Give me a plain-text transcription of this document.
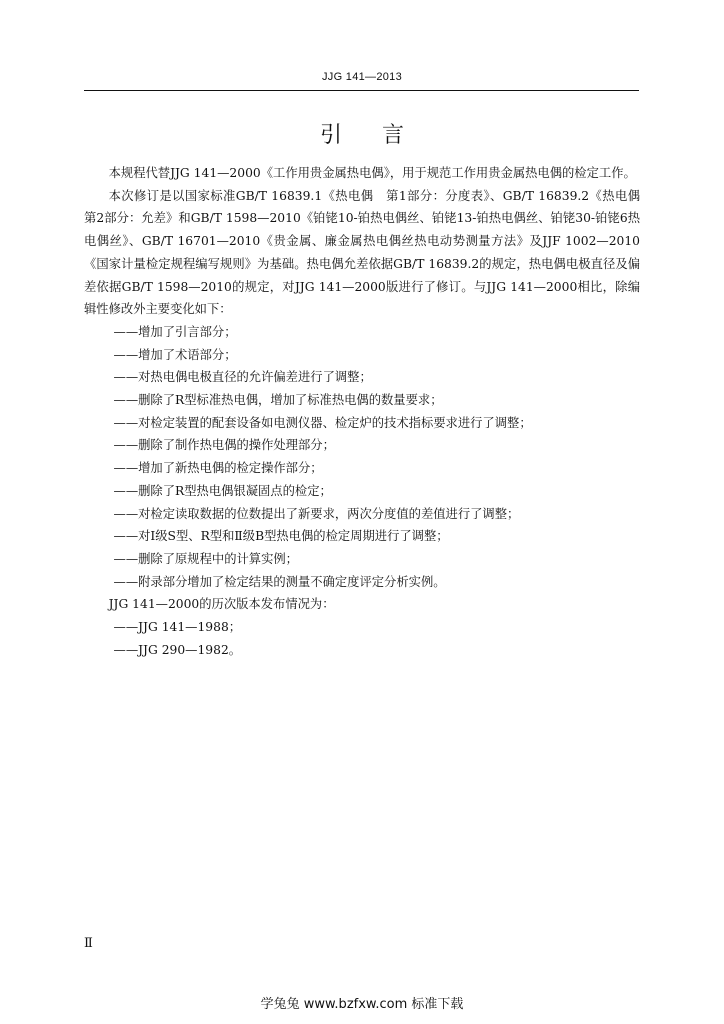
JJG 141—2013
引言

本规程代替JJG 141—2000《工作用贵金属热电偶》，用于规范工作用贵金属热电偶的检定工作。

本次修订是以国家标准GB/T 16839.1《热电偶　第1部分：分度表》、GB/T 16839.2《热电偶　第2部分：允差》和GB/T 1598—2010《铂铑10-铂热电偶丝、铂铑13-铂热电偶丝、铂铑30-铂铑6热电偶丝》、GB/T 16701—2010《贵金属、廉金属热电偶丝热电动势测量方法》及JJF 1002—2010《国家计量检定规程编写规则》为基础。热电偶允差依据GB/T 16839.2的规定，热电偶电极直径及偏差依据GB/T 1598—2010的规定，对JJG 141—2000版进行了修订。与JJG 141—2000相比，除编辑性修改外主要变化如下：

——增加了引言部分；

——增加了术语部分；

——对热电偶电极直径的允许偏差进行了调整；

——删除了R型标准热电偶，增加了标准热电偶的数量要求；

——对检定装置的配套设备如电测仪器、检定炉的技术指标要求进行了调整；

——删除了制作热电偶的操作处理部分；

——增加了新热电偶的检定操作部分；

——删除了R型热电偶银凝固点的检定；

——对检定读取数据的位数提出了新要求，两次分度值的差值进行了调整；

——对Ⅰ级S型、R型和Ⅱ级B型热电偶的检定周期进行了调整；

——删除了原规程中的计算实例；

——附录部分增加了检定结果的测量不确定度评定分析实例。

JJG 141—2000的历次版本发布情况为：

——JJG 141—1988；

——JJG 290—1982。

Ⅱ
学兔兔 www.bzfxw.com 标准下载
